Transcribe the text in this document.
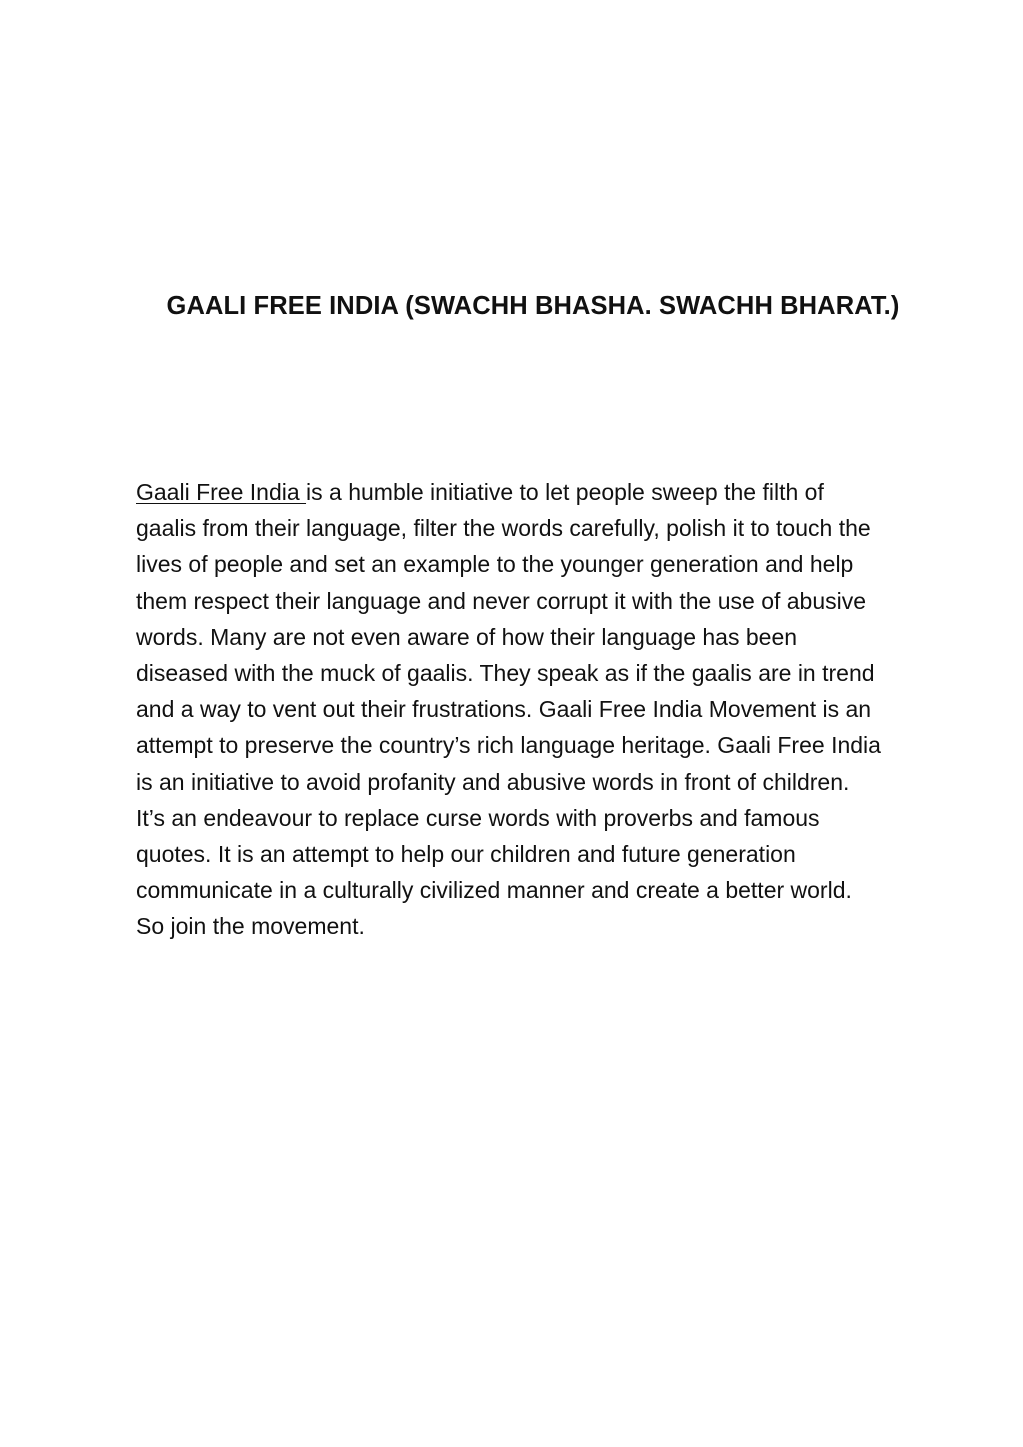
GAALI FREE INDIA (SWACHH BHASHA. SWACHH BHARAT.)

Gaali Free India is a humble initiative to let people sweep the filth of
gaalis from their language, filter the words carefully, polish it to touch the
lives of people and set an example to the younger generation and help
them respect their language and never corrupt it with the use of abusive
words. Many are not even aware of how their language has been
diseased with the muck of gaalis. They speak as if the gaalis are in trend
and a way to vent out their frustrations. Gaali Free India Movement is an
attempt to preserve the country’s rich language heritage. Gaali Free India
is an initiative to avoid profanity and abusive words in front of children.
It’s an endeavour to replace curse words with proverbs and famous
quotes. It is an attempt to help our children and future generation
communicate in a culturally civilized manner and create a better world.
So join the movement.
